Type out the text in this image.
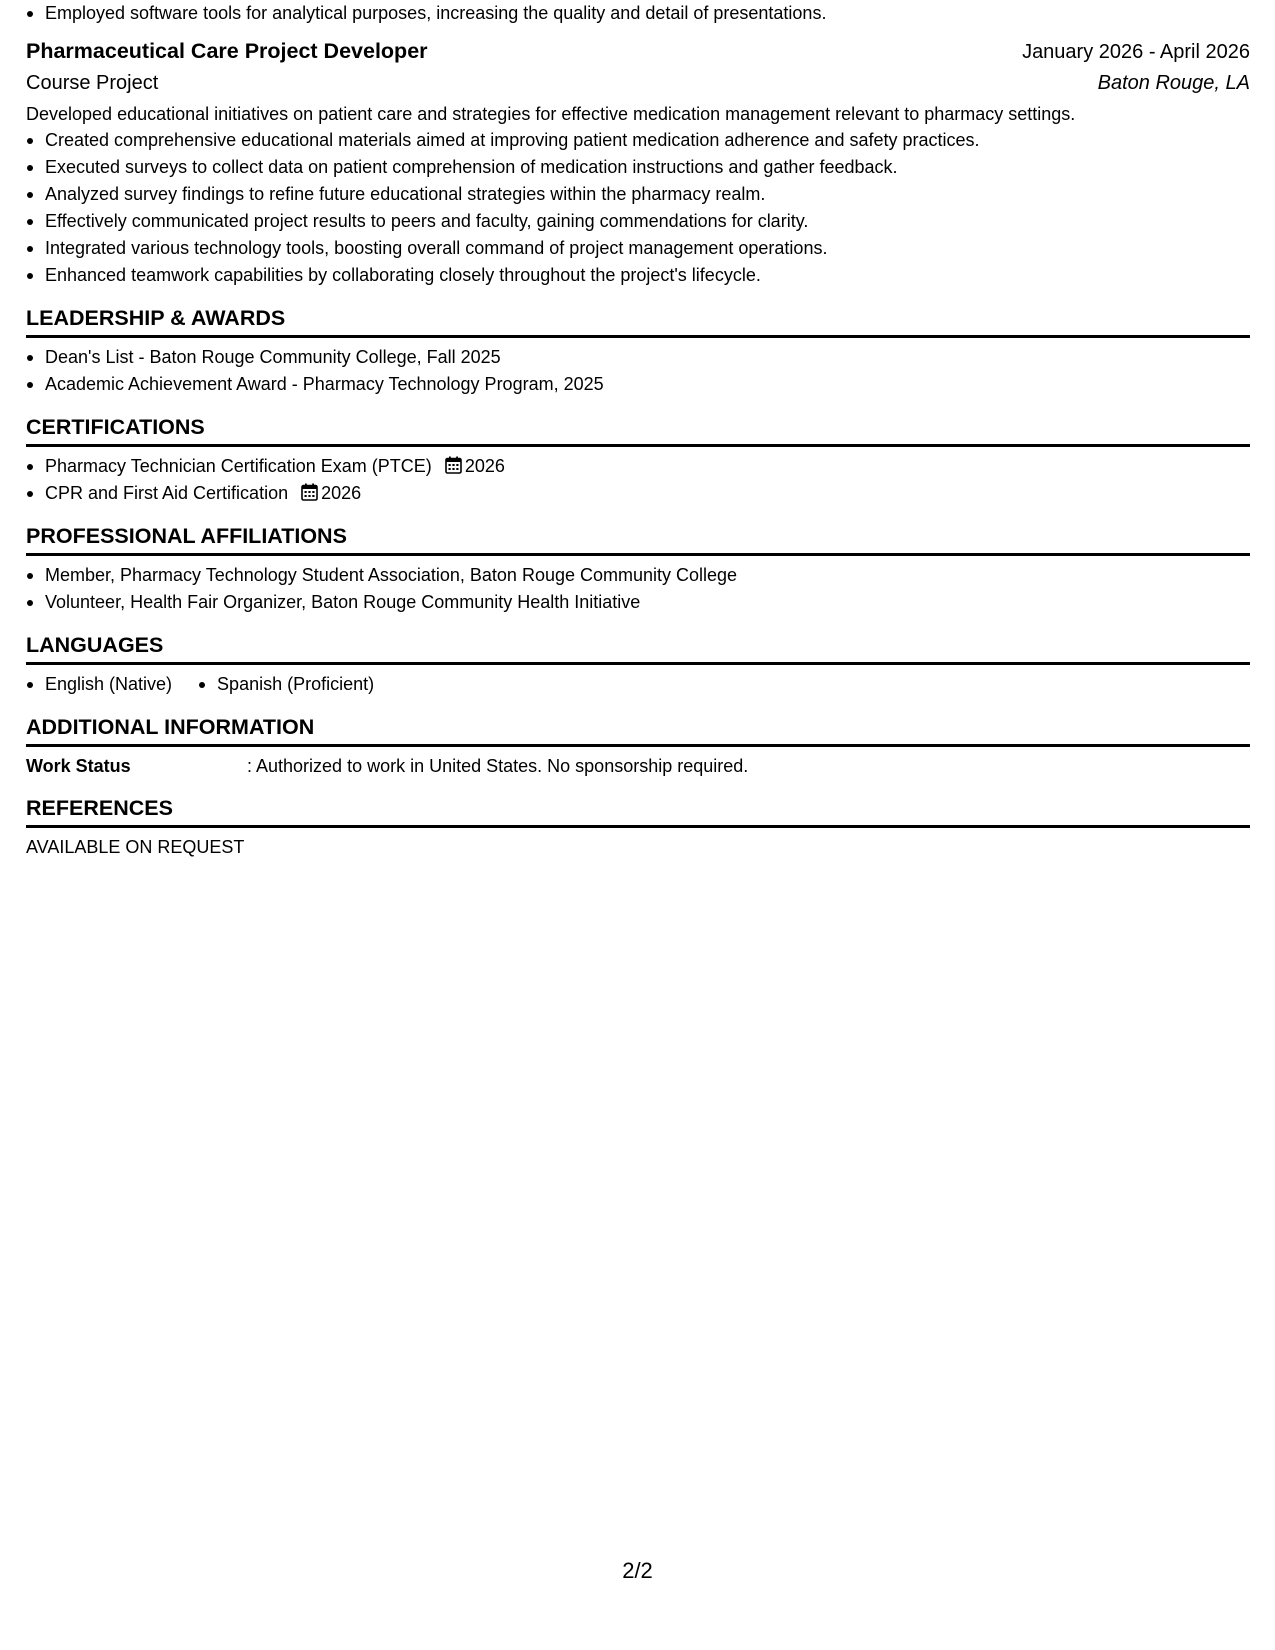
Employed software tools for analytical purposes, increasing the quality and detail of presentations.
Pharmaceutical Care Project Developer	January 2026 - April 2026
Course Project	Baton Rouge, LA
Developed educational initiatives on patient care and strategies for effective medication management relevant to pharmacy settings.
Created comprehensive educational materials aimed at improving patient medication adherence and safety practices.
Executed surveys to collect data on patient comprehension of medication instructions and gather feedback.
Analyzed survey findings to refine future educational strategies within the pharmacy realm.
Effectively communicated project results to peers and faculty, gaining commendations for clarity.
Integrated various technology tools, boosting overall command of project management operations.
Enhanced teamwork capabilities by collaborating closely throughout the project's lifecycle.
LEADERSHIP & AWARDS
Dean's List - Baton Rouge Community College, Fall 2025
Academic Achievement Award - Pharmacy Technology Program, 2025
CERTIFICATIONS
Pharmacy Technician Certification Exam (PTCE) 2026
CPR and First Aid Certification 2026
PROFESSIONAL AFFILIATIONS
Member, Pharmacy Technology Student Association, Baton Rouge Community College
Volunteer, Health Fair Organizer, Baton Rouge Community Health Initiative
LANGUAGES
English (Native)	Spanish (Proficient)
ADDITIONAL INFORMATION
Work Status	: Authorized to work in United States. No sponsorship required.
REFERENCES
AVAILABLE ON REQUEST
2/2
